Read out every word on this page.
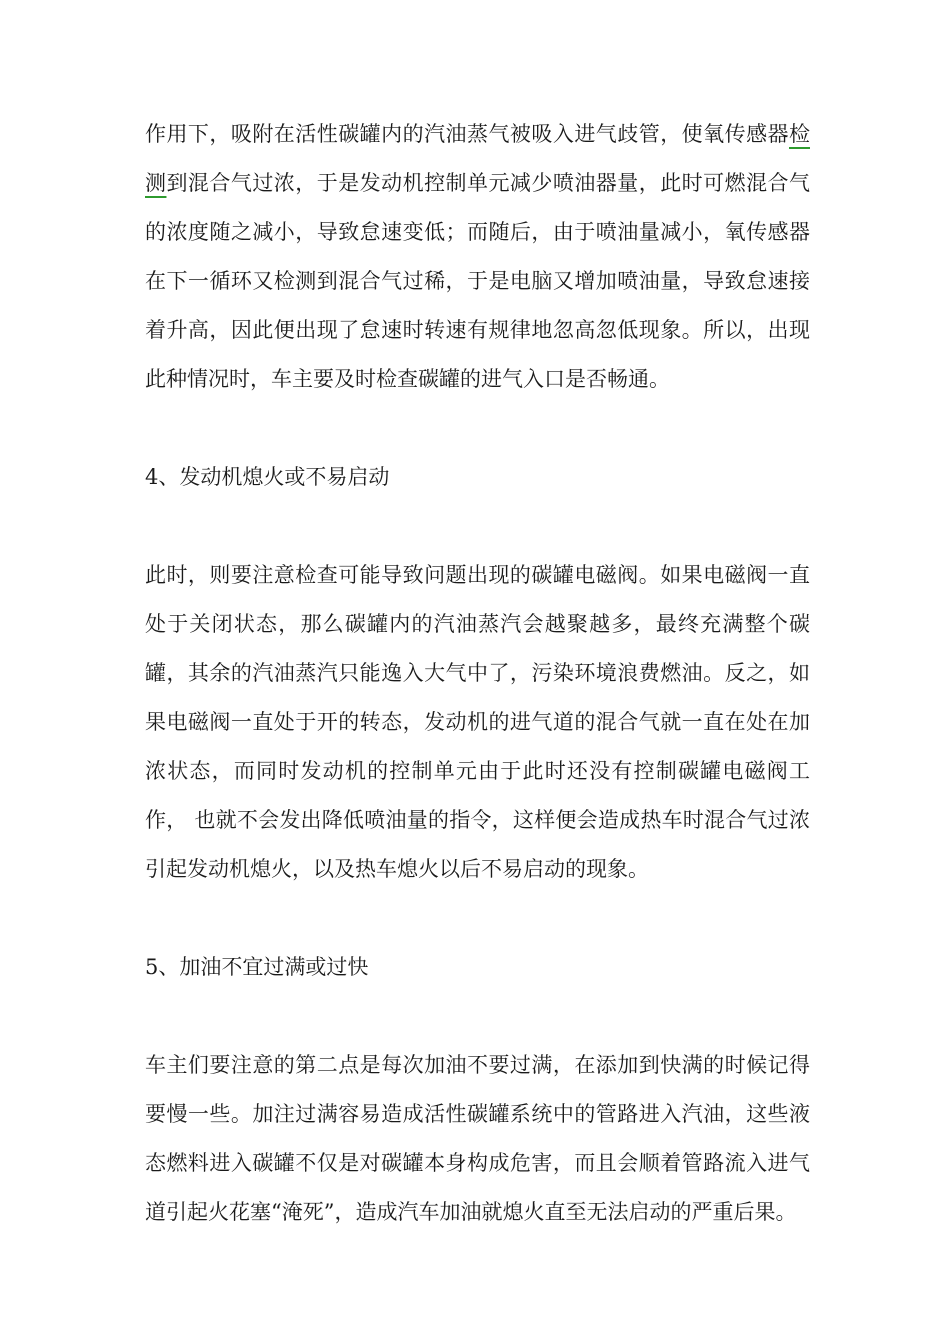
作用下，吸附在活性碳罐内的汽油蒸气被吸入进气歧管，使氧传感器检测到混合气过浓，于是发动机控制单元减少喷油器量，此时可燃混合气的浓度随之减小，导致怠速变低；而随后，由于喷油量减小，氧传感器在下一循环又检测到混合气过稀，于是电脑又增加喷油量，导致怠速接着升高，因此便出现了怠速时转速有规律地忽高忽低现象。所以，出现此种情况时，车主要及时检查碳罐的进气入口是否畅通。

4、发动机熄火或不易启动

此时，则要注意检查可能导致问题出现的碳罐电磁阀。如果电磁阀一直处于关闭状态，那么碳罐内的汽油蒸汽会越聚越多，最终充满整个碳罐，其余的汽油蒸汽只能逸入大气中了，污染环境浪费燃油。反之，如果电磁阀一直处于开的转态，发动机的进气道的混合气就一直在处在加浓状态，而同时发动机的控制单元由于此时还没有控制碳罐电磁阀工作， 也就不会发出降低喷油量的指令，这样便会造成热车时混合气过浓引起发动机熄火，以及热车熄火以后不易启动的现象。

5、加油不宜过满或过快

车主们要注意的第二点是每次加油不要过满，在添加到快满的时候记得要慢一些。加注过满容易造成活性碳罐系统中的管路进入汽油，这些液态燃料进入碳罐不仅是对碳罐本身构成危害，而且会顺着管路流入进气道引起火花塞“淹死”，造成汽车加油就熄火直至无法启动的严重后果。
